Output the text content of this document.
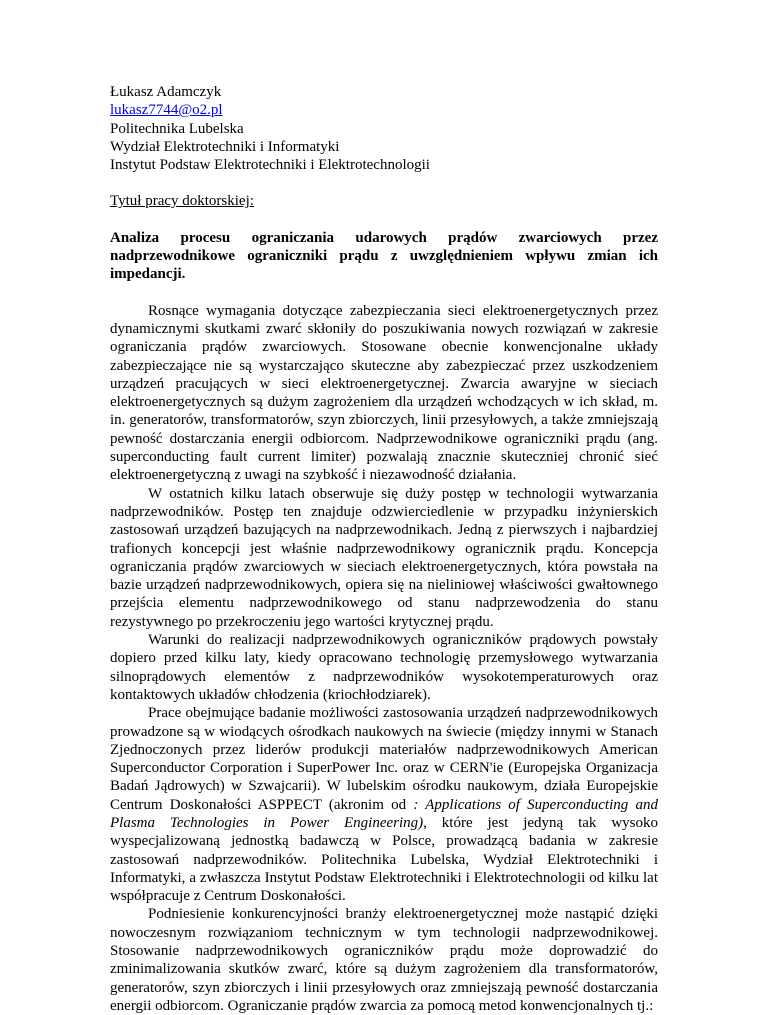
Łukasz Adamczyk
lukasz7744@o2.pl
Politechnika Lubelska
Wydział Elektrotechniki i Informatyki
Instytut Podstaw Elektrotechniki i Elektrotechnologii
Tytuł pracy doktorskiej:
Analiza procesu ograniczania udarowych prądów zwarciowych przez nadprzewodnikowe ograniczniki prądu z uwzględnieniem wpływu zmian ich impedancji.

Rosnące wymagania dotyczące zabezpieczania sieci elektroenergetycznych przez dynamicznymi skutkami zwarć skłoniły do poszukiwania nowych rozwiązań w zakresie ograniczania prądów zwarciowych. Stosowane obecnie konwencjonalne układy zabezpieczające nie są wystarczająco skuteczne aby zabezpieczać przez uszkodzeniem urządzeń pracujących w sieci elektroenergetycznej. Zwarcia awaryjne w sieciach elektroenergetycznych są dużym zagrożeniem dla urządzeń wchodzących w ich skład, m. in. generatorów, transformatorów, szyn zbiorczych, linii przesyłowych, a także zmniejszają pewność dostarczania energii odbiorcom. Nadprzewodnikowe ograniczniki prądu (ang. superconducting fault current limiter) pozwalają znacznie skuteczniej chronić sieć elektroenergetyczną z uwagi na szybkość i niezawodność działania.

W ostatnich kilku latach obserwuje się duży postęp w technologii wytwarzania nadprzewodników. Postęp ten znajduje odzwierciedlenie w przypadku inżynierskich zastosowań urządzeń bazujących na nadprzewodnikach. Jedną z pierwszych i najbardziej trafionych koncepcji jest właśnie nadprzewodnikowy ogranicznik prądu. Koncepcja ograniczania prądów zwarciowych w sieciach elektroenergetycznych, która powstała na bazie urządzeń nadprzewodnikowych, opiera się na nieliniowej właściwości gwałtownego przejścia elementu nadprzewodnikowego od stanu nadprzewodzenia do stanu rezystywnego po przekroczeniu jego wartości krytycznej prądu.

Warunki do realizacji nadprzewodnikowych ograniczników prądowych powstały dopiero przed kilku laty, kiedy opracowano technologię przemysłowego wytwarzania silnoprądowych elementów z nadprzewodników wysokotemperaturowych oraz kontaktowych układów chłodzenia (kriochłodziarek).

Prace obejmujące badanie możliwości zastosowania urządzeń nadprzewodnikowych prowadzone są w wiodących ośrodkach naukowych na świecie (między innymi w Stanach Zjednoczonych przez liderów produkcji materiałów nadprzewodnikowych American Superconductor Corporation i SuperPower Inc. oraz w CERN'ie (Europejska Organizacja Badań Jądrowych) w Szwajcarii). W lubelskim ośrodku naukowym, działa Europejskie Centrum Doskonałości ASPPECT (akronim od : Applications of Superconducting and Plasma Technologies in Power Engineering), które jest jedyną tak wysoko wyspecjalizowaną jednostką badawczą w Polsce, prowadzącą badania w zakresie zastosowań nadprzewodników. Politechnika Lubelska, Wydział Elektrotechniki i Informatyki, a zwłaszcza Instytut Podstaw Elektrotechniki i Elektrotechnologii od kilku lat współpracuje z Centrum Doskonałości.

Podniesienie konkurencyjności branży elektroenergetycznej może nastąpić dzięki nowoczesnym rozwiązaniom technicznym w tym technologii nadprzewodnikowej. Stosowanie nadprzewodnikowych ograniczników prądu może doprowadzić do zminimalizowania skutków zwarć, które są dużym zagrożeniem dla transformatorów, generatorów, szyn zbiorczych i linii przesyłowych oraz zmniejszają pewność dostarczania energii odbiorcom. Ograniczanie prądów zwarcia za pomocą metod konwencjonalnych tj.:
